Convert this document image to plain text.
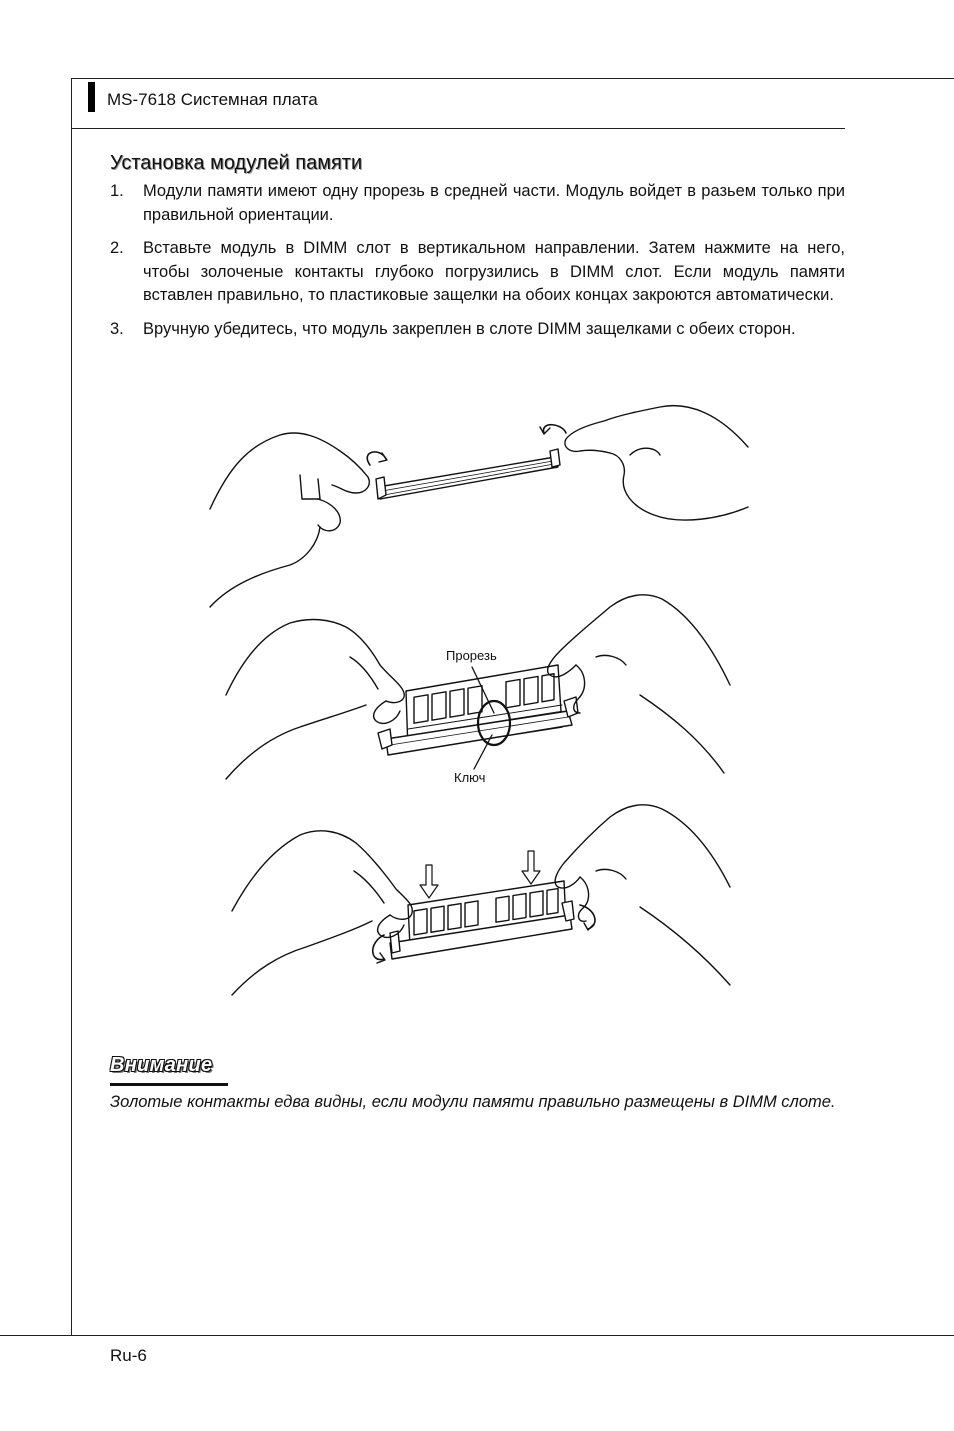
MS-7618 Системная плата
Установка модулей памяти
1. Модули памяти имеют одну прорезь в средней части. Модуль войдет в разьем только при правильной ориентации.
2. Вставьте модуль в DIMM слот в вертикальном направлении. Затем нажмите на него, чтобы золоченые контакты глубоко погрузились в DIMM слот. Если модуль памяти вставлен правильно, то пластиковые защелки на обоих концах закроются автоматически.
3. Вручную убедитесь, что модуль закреплен в слоте DIMM защелками с обеих сторон.
Прорезь
Ключ
Внимание
Золотые контакты едва видны, если модули памяти правильно размещены в DIMM слоте.
Ru-6
